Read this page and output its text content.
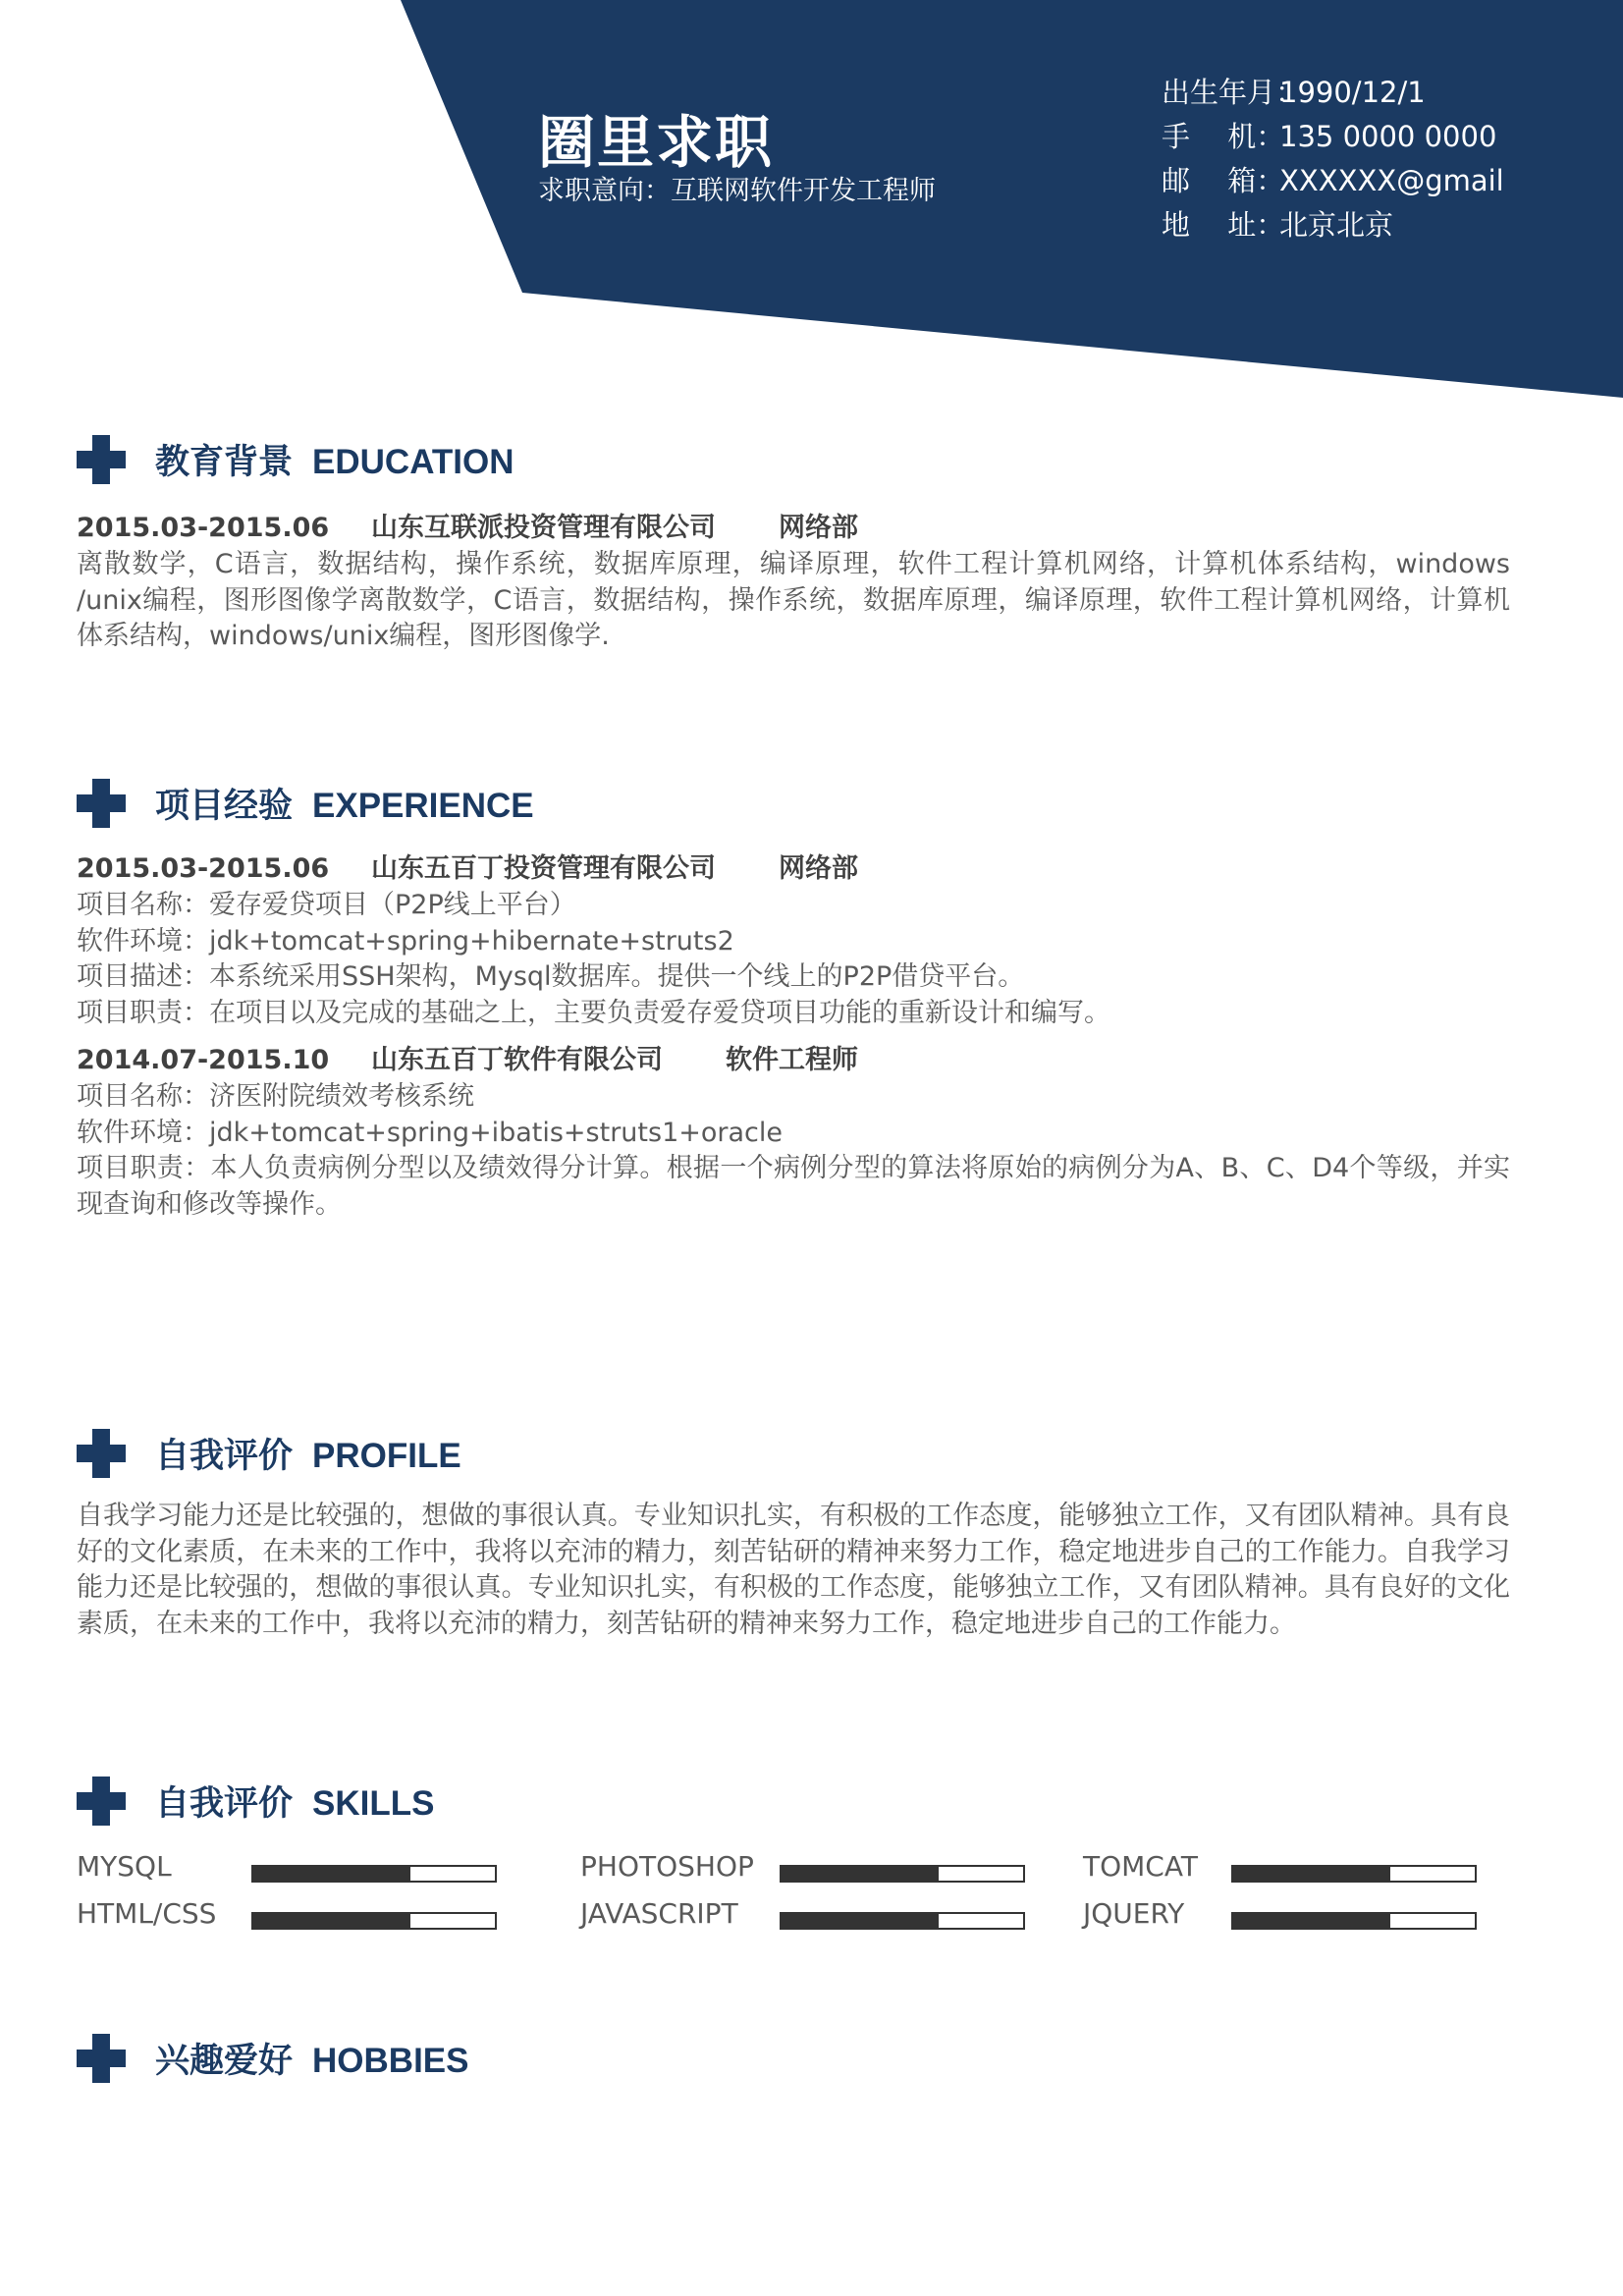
圈里求职
求职意向：互联网软件开发工程师
出生年月：1990/12/1
手　 机：135 0000 0000
邮　 箱：XXXXXX@gmail
地　 址：北京北京
教育背景 EDUCATION
2015.03-2015.06 山东互联派投资管理有限公司 网络部
离散数学，C语言，数据结构，操作系统，数据库原理，编译原理，软件工程计算机网络，计算机体系结构，windows /unix编程，图形图像学离散数学，C语言，数据结构，操作系统，数据库原理，编译原理，软件工程计算机网络，计算机体系结构，windows/unix编程，图形图像学.
项目经验 EXPERIENCE
2015.03-2015.06 山东五百丁投资管理有限公司 网络部
项目名称：爱存爱贷项目（P2P线上平台）
软件环境：jdk+tomcat+spring+hibernate+struts2
项目描述：本系统采用SSH架构，Mysql数据库。提供一个线上的P2P借贷平台。
项目职责：在项目以及完成的基础之上，主要负责爱存爱贷项目功能的重新设计和编写。
2014.07-2015.10 山东五百丁软件有限公司 软件工程师
项目名称：济医附院绩效考核系统
软件环境：jdk+tomcat+spring+ibatis+struts1+oracle
项目职责：本人负责病例分型以及绩效得分计算。根据一个病例分型的算法将原始的病例分为A、B、C、D4个等级，并实现查询和修改等操作。
自我评价 PROFILE
自我学习能力还是比较强的，想做的事很认真。专业知识扎实，有积极的工作态度，能够独立工作，又有团队精神。具有良好的文化素质，在未来的工作中，我将以充沛的精力，刻苦钻研的精神来努力工作，稳定地进步自己的工作能力。自我学习能力还是比较强的，想做的事很认真。专业知识扎实，有积极的工作态度，能够独立工作，又有团队精神。具有良好的文化素质，在未来的工作中，我将以充沛的精力，刻苦钻研的精神来努力工作，稳定地进步自己的工作能力。
自我评价 SKILLS
MYSQL	PHOTOSHOP	TOMCAT
HTML/CSS	JAVASCRIPT	JQUERY
兴趣爱好 HOBBIES
